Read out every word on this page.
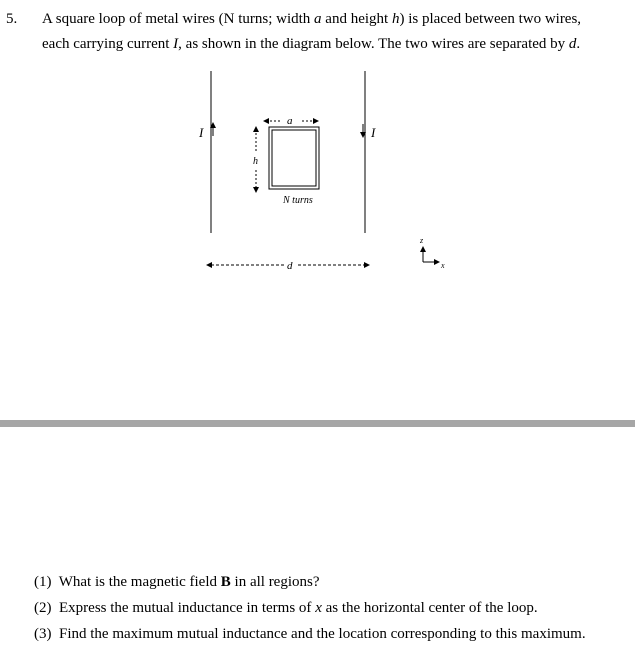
5. A square loop of metal wires (N turns; width a and height h) is placed between two wires,
each carrying current I, as shown in the diagram below. The two wires are separated by d.
I	I
a
h
N turns
d
z
x
(1) What is the magnetic field B in all regions?
(2) Express the mutual inductance in terms of x as the horizontal center of the loop.
(3) Find the maximum mutual inductance and the location corresponding to this maximum.
